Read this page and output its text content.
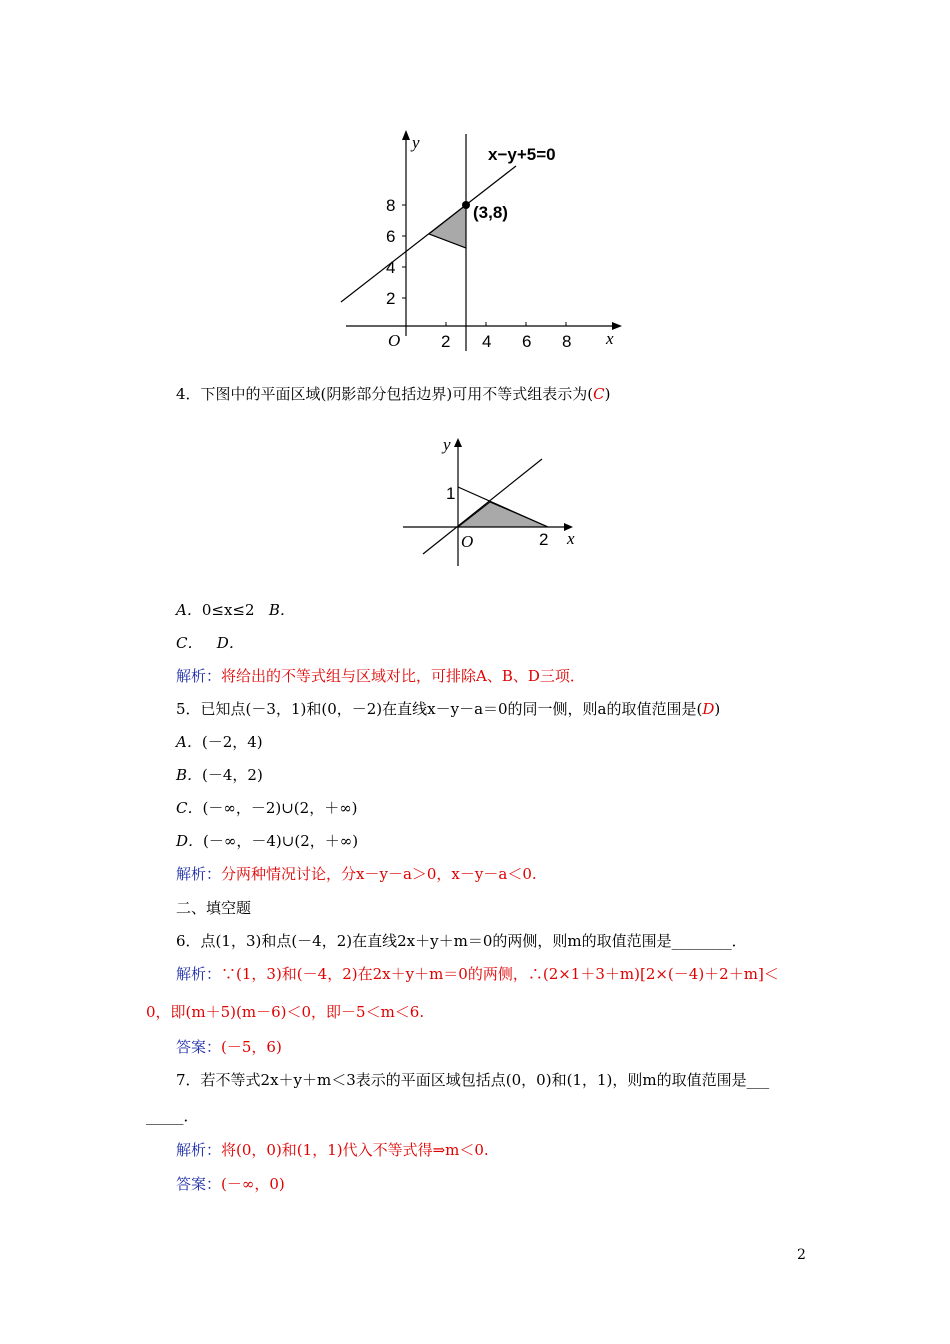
y
x
O
x−y+5=0
(3,8)
8
6
4
2
2 4 6 8
4．下图中的平面区域(阴影部分包括边界)可用不等式组表示为(C)
y
x
O
1
2
A．0≤x≤2 B．
C． D．
解析：将给出的不等式组与区域对比，可排除A、B、D三项．
5．已知点(－3，1)和(0，－2)在直线x－y－a＝0的同一侧，则a的取值范围是(D)
A．(－2，4)
B．(－4，2)
C．(－∞，－2)∪(2，＋∞)
D．(－∞，－4)∪(2，＋∞)
解析：分两种情况讨论，分x－y－a＞0，x－y－a＜0.
二、填空题
6．点(1，3)和点(－4，2)在直线2x＋y＋m＝0的两侧，则m的取值范围是________．
解析：∵(1，3)和(－4，2)在2x＋y＋m＝0的两侧，∴(2×1＋3＋m)[2×(－4)＋2＋m]＜
0，即(m＋5)(m－6)＜0，即－5＜m＜6.
答案：(－5，6)
7．若不等式2x＋y＋m＜3表示的平面区域包括点(0，0)和(1，1)，则m的取值范围是___
_____．
解析：将(0，0)和(1，1)代入不等式得⇒m＜0.
答案：(－∞，0)
2
